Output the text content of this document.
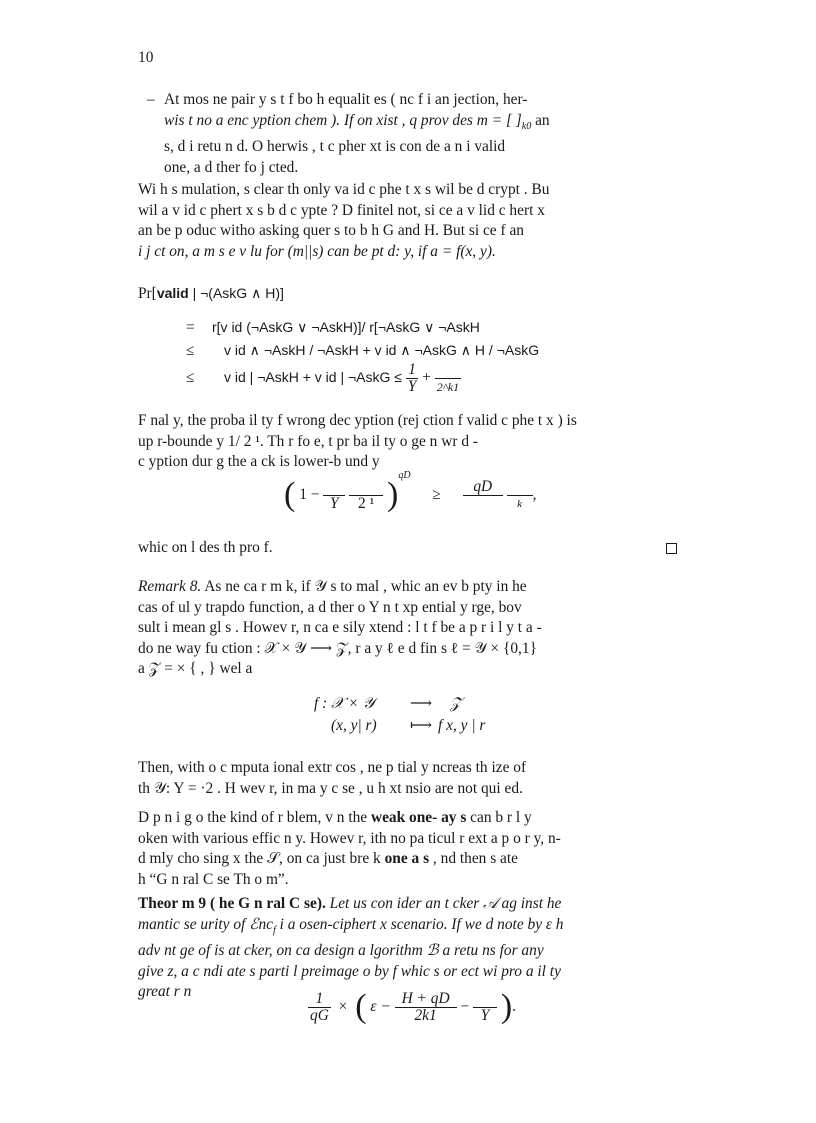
10
– At mos ne pair y s t f bo h equalit es ( nc f i an jection, her-
wis t no a enc yption chem ). If on xist , q prov des m = [ ]$_{k0}$ an
s, d i retu n d. O herwis , t c pher xt is con de a n i valid
one, a d ther fo j cted.
Wi h s mulation, s clear th only va id c phe t x s wil be d crypt . Bu
wil a v id c phert x s b d c ypte ? D finitel not, si ce a v lid c hert x
an be p oduc witho asking quer s to b h G and H. But si ce f an
i j ct on, a m s e v lu for (m||s) can be pt d: y, if a = f(x, y).
Pr[valid | ¬(AskG ∧ H)]
= r[v id (¬AskG ∨ ¬AskH)]/ r[¬AskG ∨ ¬AskH
≤ v id ∧ ¬AskH / ¬AskH + v id ∧ ¬AskG ∧ H / ¬AskG
≤ v id | ¬AskH + v id | ¬AskG ≤ $\frac{1}{Y}$ +
2^k1
F nal y, the proba il ty f wrong dec yption (rej ction f valid c phe t x ) is
up r-bounde y 1/ 2 ¹. Th r fo e, t pr ba il ty o ge n wr d -
c yption dur g the a ck is lower-b und y
( 1 −
Y
	2 ¹ )$^{qD}$ ≥	qD

k
,
whic on l des th pro f.
Remark 8. As ne ca r m k, if 𝒴 s to mal , whic an ev b pty in he
cas of ul y trapdo function, a d ther o Y n t xp ential y rge, bov
sult i mean gl s . Howev r, n ca e sily xtend : l t f be a p r i l y t a -
do ne way fu ction : 𝒳 × 𝒴 ⟶ 𝒵, r a y ℓ e d fin s ℓ = 𝒴 × {0,1}
a 𝒵 = × { , } wel a
f : 𝒳 × 𝒴 ⟶ 𝒵
(x, y| r) ⟼ f x, y | r
Then, with o c mputa ional extr cos , ne p tial y ncreas th ize of
th 𝒴: Y = ·2 . H wev r, in ma y c se , u h xt nsio are not qui ed.
D p n i g o the kind of r blem, v n the weak one- ay s can b r l y
oken with various effic n y. Howev r, ith no pa ticul r ext a p o r y, n-
d mly cho sing x the 𝒮, on ca just bre k one a s , nd then s ate
h “G n ral C se Th o m”.
Theor m 9 ( he G n ral C se). Let us con ider an t cker 𝒜 ag inst he
mantic se urity of ℰnc$_f$ i a osen-ciphert x scenario. If we d note by ε h
adv nt ge of is at cker, on ca design a lgorithm ℬ a retu ns for any
give z, a c ndi ate s parti l preimage o by f whic s or ect wi pro a il ty
great r n	$\frac{1}{qG}$ × ( $\varepsilon - \frac{H + qD}{2k1}$ −
Y ).
